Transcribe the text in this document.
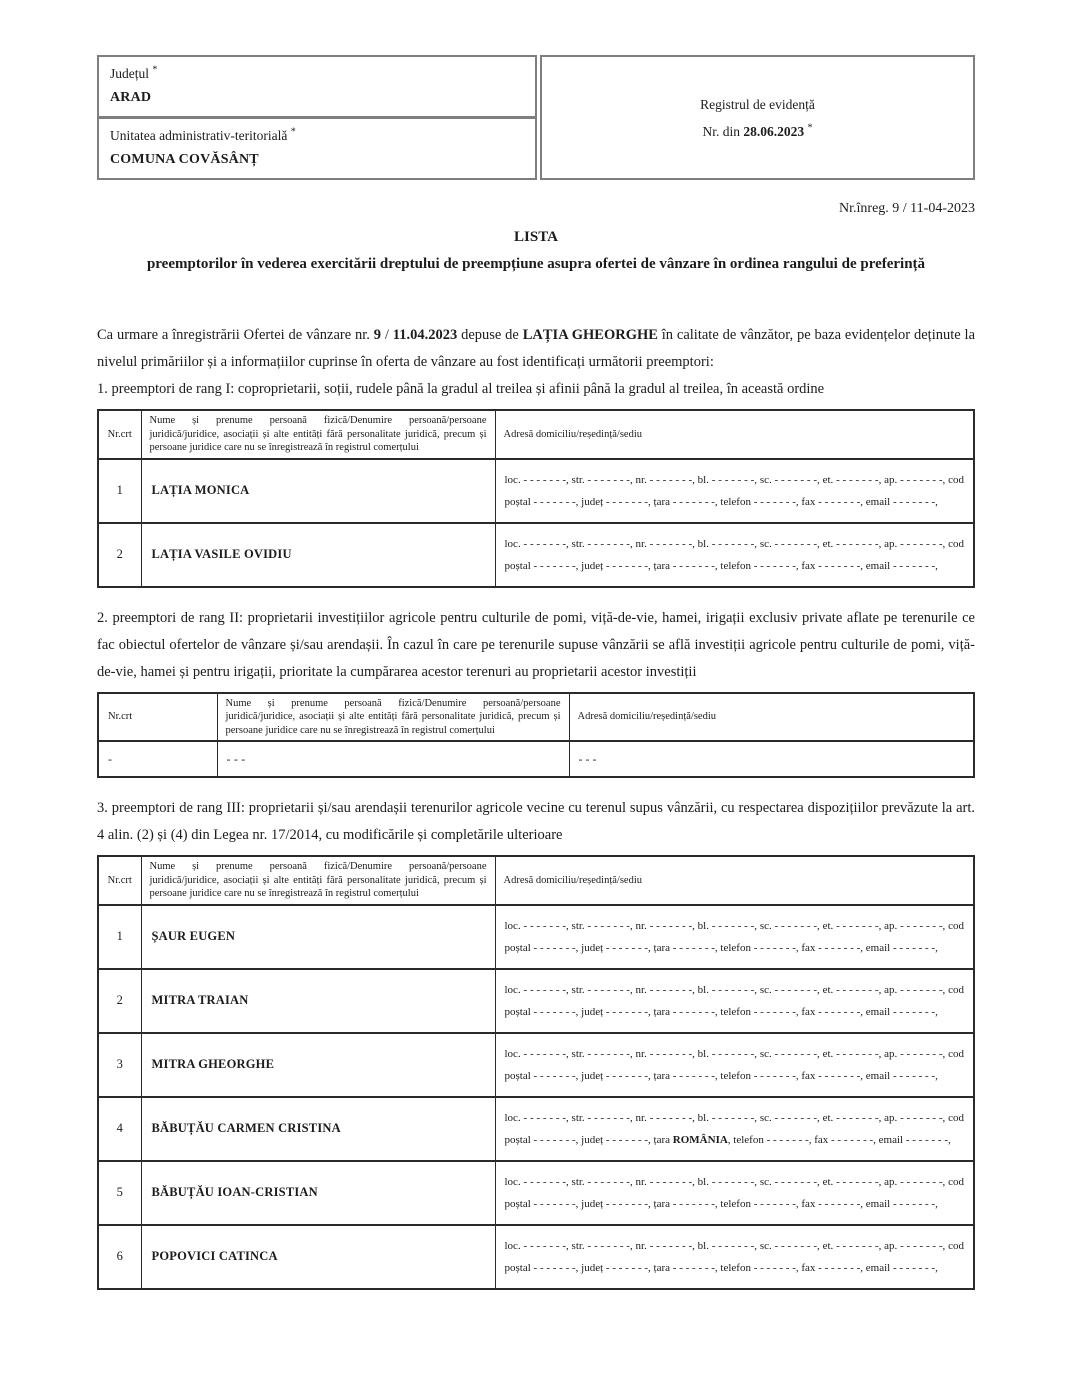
Județul *
ARAD
Unitatea administrativ-teritorială *
COMUNA COVĂSÂNȚ
Registrul de evidență
Nr. din 28.06.2023 *
Nr.înreg. 9 / 11-04-2023
LISTA
preemptorilor în vederea exercitării dreptului de preempțiune asupra ofertei de vânzare în ordinea rangului de preferință

Ca urmare a înregistrării Ofertei de vânzare nr. 9 / 11.04.2023 depuse de LAȚIA GHEORGHE în calitate de vânzător, pe baza evidențelor deținute la nivelul primăriilor și a informațiilor cuprinse în oferta de vânzare au fost identificați următorii preemptori:

1. preemptori de rang I: coproprietarii, soții, rudele până la gradul al treilea și afinii până la gradul al treilea, în această ordine

Nr.crt	Nume și prenume persoană fizică/Denumire persoană/persoane juridică/juridice, asociații și alte entități fără personalitate juridică, precum și persoane juridice care nu se înregistrează în registrul comerțului	Adresă domiciliu/reședință/sediu
1	LAȚIA MONICA	loc. - - - - - - -, str. - - - - - - -, nr. - - - - - - -, bl. - - - - - - -, sc. - - - - - - -, et. - - - - - - -, ap. - - - - - - -, cod poștal - - - - - - -, județ - - - - - - -, țara - - - - - - -, telefon - - - - - - -, fax - - - - - - -, email - - - - - - -,
2	LAȚIA VASILE OVIDIU	loc. - - - - - - -, str. - - - - - - -, nr. - - - - - - -, bl. - - - - - - -, sc. - - - - - - -, et. - - - - - - -, ap. - - - - - - -, cod poștal - - - - - - -, județ - - - - - - -, țara - - - - - - -, telefon - - - - - - -, fax - - - - - - -, email - - - - - - -,

2. preemptori de rang II: proprietarii investițiilor agricole pentru culturile de pomi, viță-de-vie, hamei, irigații exclusiv private aflate pe terenurile ce fac obiectul ofertelor de vânzare și/sau arendașii. În cazul în care pe terenurile supuse vânzării se află investiții agricole pentru culturile de pomi, viță-de-vie, hamei și pentru irigații, prioritate la cumpărarea acestor terenuri au proprietarii acestor investiții

Nr.crt	Nume și prenume persoană fizică/Denumire persoană/persoane juridică/juridice, asociații și alte entități fără personalitate juridică, precum și persoane juridice care nu se înregistrează în registrul comerțului	Adresă domiciliu/reședință/sediu
-	- - -	- - -

3. preemptori de rang III: proprietarii și/sau arendașii terenurilor agricole vecine cu terenul supus vânzării, cu respectarea dispozițiilor prevăzute la art. 4 alin. (2) și (4) din Legea nr. 17/2014, cu modificările și completările ulterioare

Nr.crt	Nume și prenume persoană fizică/Denumire persoană/persoane juridică/juridice, asociații și alte entități fără personalitate juridică, precum și persoane juridice care nu se înregistrează în registrul comerțului	Adresă domiciliu/reședință/sediu
1	ȘAUR EUGEN	loc. - - - - - - -, str. - - - - - - -, nr. - - - - - - -, bl. - - - - - - -, sc. - - - - - - -, et. - - - - - - -, ap. - - - - - - -, cod poștal - - - - - - -, județ - - - - - - -, țara - - - - - - -, telefon - - - - - - -, fax - - - - - - -, email - - - - - - -,
2	MITRA TRAIAN	loc. - - - - - - -, str. - - - - - - -, nr. - - - - - - -, bl. - - - - - - -, sc. - - - - - - -, et. - - - - - - -, ap. - - - - - - -, cod poștal - - - - - - -, județ - - - - - - -, țara - - - - - - -, telefon - - - - - - -, fax - - - - - - -, email - - - - - - -,
3	MITRA GHEORGHE	loc. - - - - - - -, str. - - - - - - -, nr. - - - - - - -, bl. - - - - - - -, sc. - - - - - - -, et. - - - - - - -, ap. - - - - - - -, cod poștal - - - - - - -, județ - - - - - - -, țara - - - - - - -, telefon - - - - - - -, fax - - - - - - -, email - - - - - - -,
4	BĂBUȚĂU CARMEN CRISTINA	loc. - - - - - - -, str. - - - - - - -, nr. - - - - - - -, bl. - - - - - - -, sc. - - - - - - -, et. - - - - - - -, ap. - - - - - - -, cod poștal - - - - - - -, județ - - - - - - -, țara ROMÂNIA, telefon - - - - - - -, fax - - - - - - -, email - - - - - - -,
5	BĂBUȚĂU IOAN-CRISTIAN	loc. - - - - - - -, str. - - - - - - -, nr. - - - - - - -, bl. - - - - - - -, sc. - - - - - - -, et. - - - - - - -, ap. - - - - - - -, cod poștal - - - - - - -, județ - - - - - - -, țara - - - - - - -, telefon - - - - - - -, fax - - - - - - -, email - - - - - - -,
6	POPOVICI CATINCA	loc. - - - - - - -, str. - - - - - - -, nr. - - - - - - -, bl. - - - - - - -, sc. - - - - - - -, et. - - - - - - -, ap. - - - - - - -, cod poștal - - - - - - -, județ - - - - - - -, țara - - - - - - -, telefon - - - - - - -, fax - - - - - - -, email - - - - - - -,
